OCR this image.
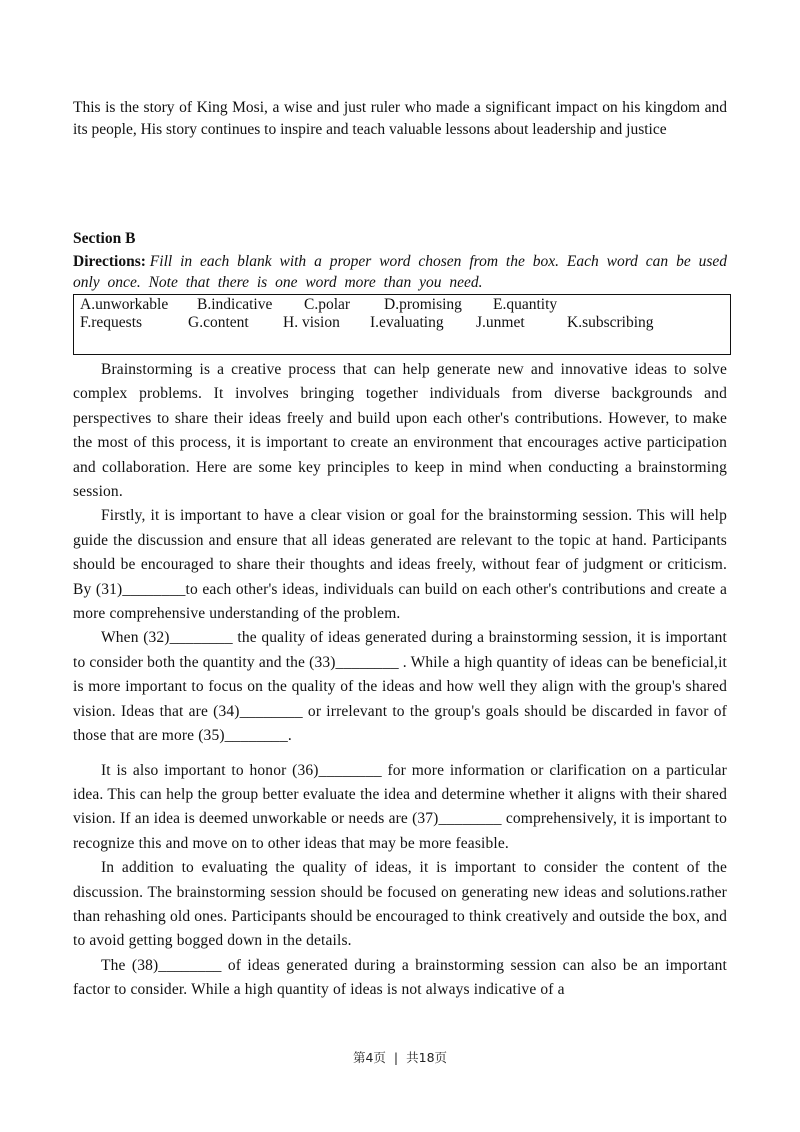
This is the story of King Mosi, a wise and just ruler who made a significant impact on his kingdom and its people, His story continues to inspire and teach valuable lessons about leadership and justice

Section B

Directions: Fill in each blank with a proper word chosen from the box. Each word can be used only once. Note that there is one word more than you need.

A.unworkable B.indicative C.polar D.promising E.quantity
F.requests	G.content H. vision I.evaluating J.unmet	K.subscribing

Brainstorming is a creative process that can help generate new and innovative ideas to solve complex problems. It involves bringing together individuals from diverse backgrounds and perspectives to share their ideas freely and build upon each other's contributions. However, to make the most of this process, it is important to create an environment that encourages active participation and collaboration. Here are some key principles to keep in mind when conducting a brainstorming session.

Firstly, it is important to have a clear vision or goal for the brainstorming session. This will help guide the discussion and ensure that all ideas generated are relevant to the topic at hand. Participants should be encouraged to share their thoughts and ideas freely, without fear of judgment or criticism. By (31)________to each other's ideas, individuals can build on each other's contributions and create a more comprehensive understanding of the problem.

When (32)________ the quality of ideas generated during a brainstorming session, it is important to consider both the quantity and the (33)________ . While a high quantity of ideas can be beneficial,it is more important to focus on the quality of the ideas and how well they align with the group's shared vision. Ideas that are (34)________ or irrelevant to the group's goals should be discarded in favor of those that are more (35)________.

It is also important to honor (36)________ for more information or clarification on a particular idea. This can help the group better evaluate the idea and determine whether it aligns with their shared vision. If an idea is deemed unworkable or needs are (37)________ comprehensively, it is important to recognize this and move on to other ideas that may be more feasible.

In addition to evaluating the quality of ideas, it is important to consider the content of the discussion. The brainstorming session should be focused on generating new ideas and solutions.rather than rehashing old ones. Participants should be encouraged to think creatively and outside the box, and to avoid getting bogged down in the details.

The (38)________ of ideas generated during a brainstorming session can also be an important factor to consider. While a high quantity of ideas is not always indicative of a

第4页 | 共18页
